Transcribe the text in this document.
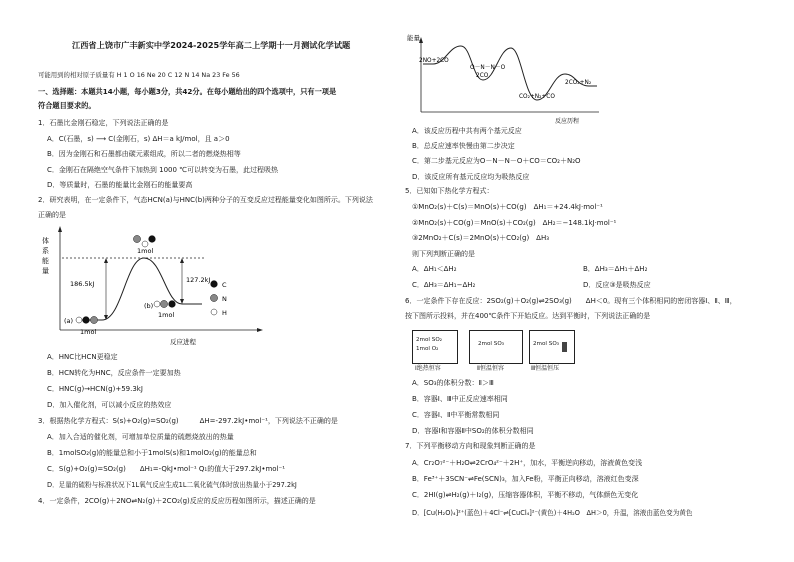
江西省上饶市广丰新实中学2024-2025学年高二上学期十一月测试化学试题
可能用到的相对原子质量有 H 1 O 16 Ne 20 C 12 N 14 Na 23 Fe 56
一、选择题：本题共14小题，每小题3分，共42分。在每小题给出的四个选项中，只有一项是
符合题目要求的。
1．石墨比金刚石稳定，下列说法正确的是
A．C(石墨，s) ⟶ C(金刚石，s) ΔH＝a kJ/mol，且 a＞0
B．因为金刚石和石墨都由碳元素组成，所以二者的燃烧热相等
C．金刚石在隔绝空气条件下加热到 1000 ℃可以转变为石墨，此过程吸热
D．等质量时，石墨的能量比金刚石的能量要高
2．研究表明，在一定条件下，气态HCN(a)与HNC(b)两种分子的互变反应过程能量变化如图所示。下列说法
正确的是
体
系
能
量
1mol
186.5kJ	127.2kJ
(a)
1mol
(b)
1mol
C
N
H
反应进程
A．HNC比HCN更稳定
B．HCN转化为HNC，反应条件一定要加热
C．HNC(g)→HCN(g)+59.3kJ
D．加入催化剂，可以减小反应的热效应
3．根据热化学方程式：S(s)+O₂(g)=SO₂(g)　　　ΔH=-297.2kJ•mol⁻¹，下列说法不正确的是
A．加入合适的催化剂，可增加单位质量的硫燃烧放出的热量
B．1molSO₂(g)的能量总和小于1molS(s)和1molO₂(g)的能量总和
C．S(g)+O₂(g)=SO₂(g)　　ΔH₁=-QkJ•mol⁻¹ Q₁的值大于297.2kJ•mol⁻¹
D．足量的硫粉与标准状况下1L氧气反应生成1L二氧化硫气体时放出热量小于297.2kJ
4．一定条件，2CO(g)＋2NO⇌N₂(g)＋2CO₂(g)反应的反应历程如图所示，描述正确的是
能量
2NO+2CO
O－N－N－O
2CO
CO₂+N₂+CO
2CO₂+N₂
反应历程
A．该反应历程中共有两个基元反应
B．总反应速率快慢由第二步决定
C．第二步基元反应为O－N－N－O＋CO＝CO₂＋N₂O
D．该反应所有基元反应均为吸热反应
5．已知如下热化学方程式：
①MnO₂(s)＋C(s)＝MnO(s)＋CO(g)　ΔH₁＝+24.4kJ·mol⁻¹
②MnO₂(s)＋CO(g)＝MnO(s)＋CO₂(g)　ΔH₂＝−148.1kJ·mol⁻¹
③2MnO₂＋C(s)＝2MnO(s)＋CO₂(g)　ΔH₃
则下列判断正确的是
A．ΔH₁＜ΔH₂	B．ΔH₃＝ΔH₁＋ΔH₂
C．ΔH₃＝ΔH₁−ΔH₂	D．反应③是吸热反应
6．一定条件下存在反应：2SO₂(g)＋O₂(g)⇌2SO₃(g)　　ΔH＜0。现有三个体积相同的密闭容器Ⅰ、Ⅱ、Ⅲ，
按下图所示投料，并在400℃条件下开始反应。达到平衡时，下列说法正确的是
2mol SO₂
1mol O₂
2mol SO₃	2mol SO₃
Ⅰ绝热恒容	Ⅱ恒温恒容	Ⅲ恒温恒压
A．SO₃的体积分数：Ⅱ＞Ⅲ
B．容器Ⅰ、Ⅲ中正反应速率相同
C．容器Ⅰ、Ⅱ中平衡常数相同
D．容器Ⅰ和容器Ⅱ中SO₂的体积分数相同
7．下列平衡移动方向和现象判断正确的是
A．Cr₂O₇²⁻＋H₂O⇌2CrO₄²⁻＋2H⁺，加水，平衡逆向移动，溶液黄色变浅
B．Fe³⁺＋3SCN⁻⇌Fe(SCN)₃，加入Fe粉，平衡正向移动，溶液红色变深
C．2HI(g)⇌H₂(g)＋I₂(g)，压缩容器体积，平衡不移动，气体颜色无变化
D．[Cu(H₂O)₄]²⁺(蓝色)＋4Cl⁻⇌[CuCl₄]²⁻(黄色)＋4H₂O　ΔH＞0，升温，溶液由蓝色变为黄色
